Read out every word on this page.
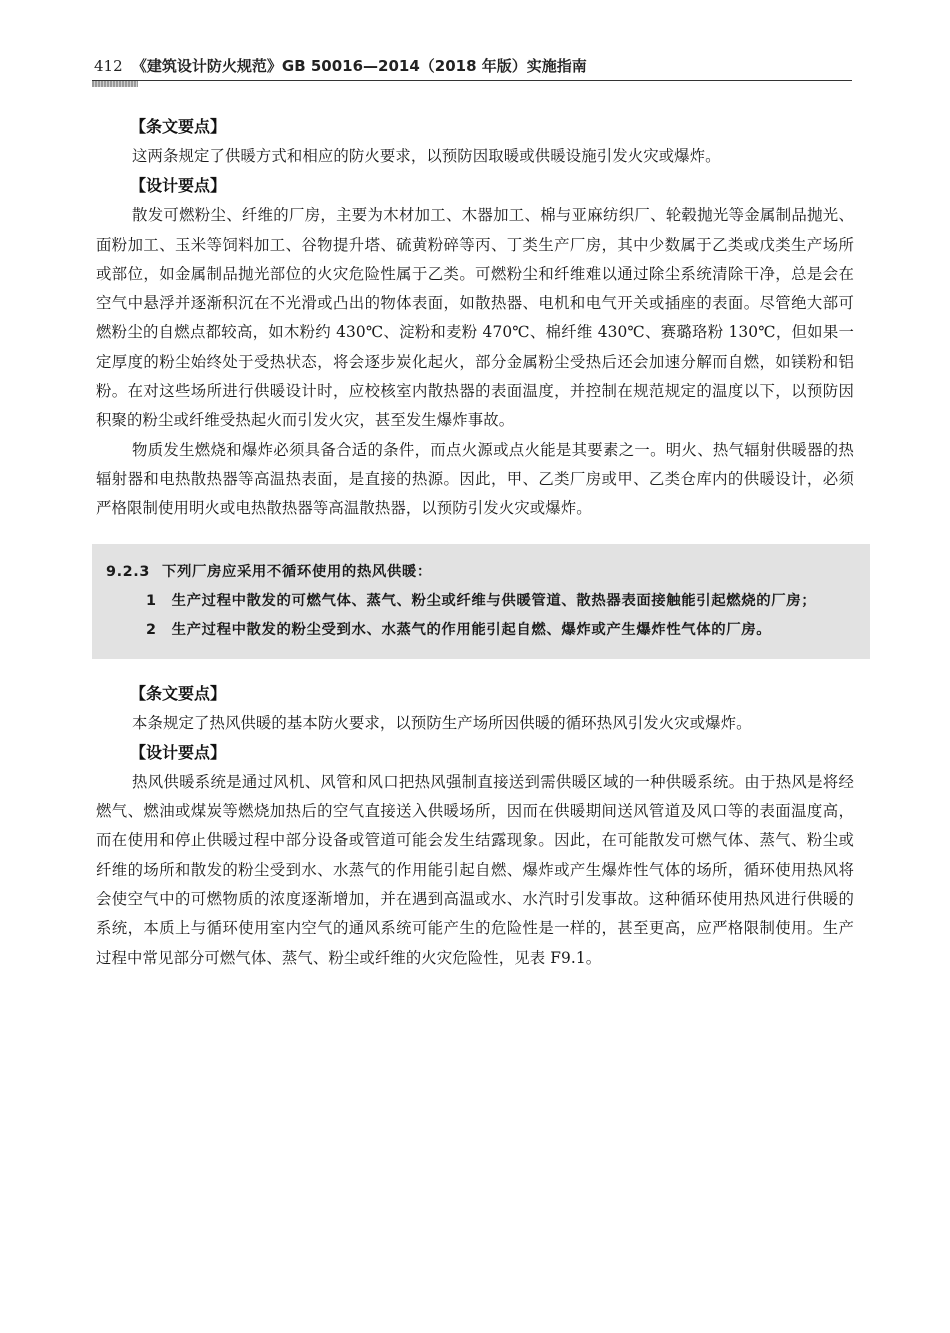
412 《建筑设计防火规范》GB 50016—2014（2018 年版）实施指南
【条文要点】

这两条规定了供暖方式和相应的防火要求，以预防因取暖或供暖设施引发火灾或爆炸。

【设计要点】

散发可燃粉尘、纤维的厂房，主要为木材加工、木器加工、棉与亚麻纺织厂、轮毂抛光等金属制品抛光、面粉加工、玉米等饲料加工、谷物提升塔、硫黄粉碎等丙、丁类生产厂房，其中少数属于乙类或戊类生产场所或部位，如金属制品抛光部位的火灾危险性属于乙类。可燃粉尘和纤维难以通过除尘系统清除干净，总是会在空气中悬浮并逐渐积沉在不光滑或凸出的物体表面，如散热器、电机和电气开关或插座的表面。尽管绝大部可燃粉尘的自燃点都较高，如木粉约 430℃、淀粉和麦粉 470℃、棉纤维 430℃、赛璐珞粉 130℃，但如果一定厚度的粉尘始终处于受热状态，将会逐步炭化起火，部分金属粉尘受热后还会加速分解而自燃，如镁粉和铝粉。在对这些场所进行供暖设计时，应校核室内散热器的表面温度，并控制在规范规定的温度以下，以预防因积聚的粉尘或纤维受热起火而引发火灾，甚至发生爆炸事故。

物质发生燃烧和爆炸必须具备合适的条件，而点火源或点火能是其要素之一。明火、热气辐射供暖器的热辐射器和电热散热器等高温热表面，是直接的热源。因此，甲、乙类厂房或甲、乙类仓库内的供暖设计，必须严格限制使用明火或电热散热器等高温散热器，以预防引发火灾或爆炸。

9.2.3 下列厂房应采用不循环使用的热风供暖：

1　生产过程中散发的可燃气体、蒸气、粉尘或纤维与供暖管道、散热器表面接触能引起燃烧的厂房；

2　生产过程中散发的粉尘受到水、水蒸气的作用能引起自燃、爆炸或产生爆炸性气体的厂房。

【条文要点】

本条规定了热风供暖的基本防火要求，以预防生产场所因供暖的循环热风引发火灾或爆炸。

【设计要点】

热风供暖系统是通过风机、风管和风口把热风强制直接送到需供暖区域的一种供暖系统。由于热风是将经燃气、燃油或煤炭等燃烧加热后的空气直接送入供暖场所，因而在供暖期间送风管道及风口等的表面温度高，而在使用和停止供暖过程中部分设备或管道可能会发生结露现象。因此，在可能散发可燃气体、蒸气、粉尘或纤维的场所和散发的粉尘受到水、水蒸气的作用能引起自燃、爆炸或产生爆炸性气体的场所，循环使用热风将会使空气中的可燃物质的浓度逐渐增加，并在遇到高温或水、水汽时引发事故。这种循环使用热风进行供暖的系统，本质上与循环使用室内空气的通风系统可能产生的危险性是一样的，甚至更高，应严格限制使用。生产过程中常见部分可燃气体、蒸气、粉尘或纤维的火灾危险性，见表 F9.1。
